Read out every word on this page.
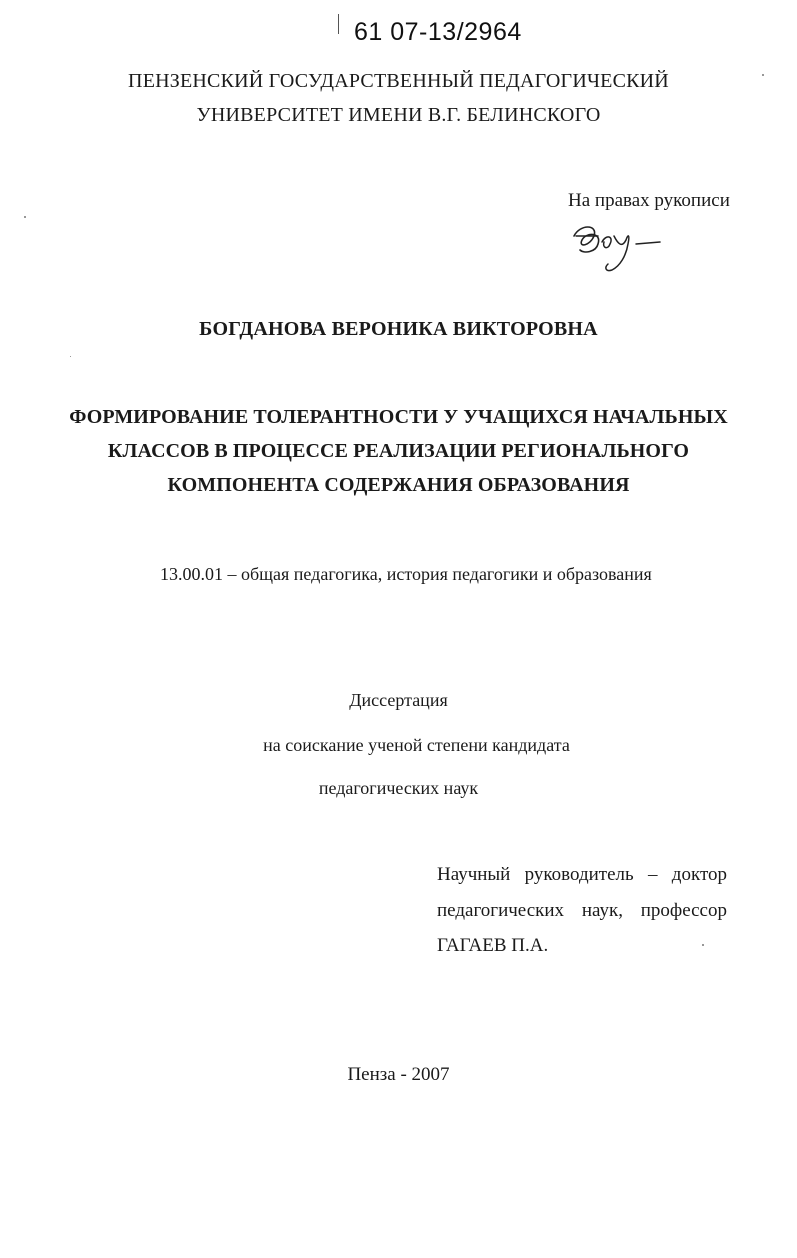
61 07-13/2964
ПЕНЗЕНСКИЙ ГОСУДАРСТВЕННЫЙ ПЕДАГОГИЧЕСКИЙ
УНИВЕРСИТЕТ ИМЕНИ В.Г. БЕЛИНСКОГО
На правах рукописи
БОГДАНОВА ВЕРОНИКА ВИКТОРОВНА
ФОРМИРОВАНИЕ ТОЛЕРАНТНОСТИ У УЧАЩИХСЯ НАЧАЛЬНЫХ
КЛАССОВ В ПРОЦЕССЕ РЕАЛИЗАЦИИ РЕГИОНАЛЬНОГО
КОМПОНЕНТА СОДЕРЖАНИЯ ОБРАЗОВАНИЯ
13.00.01 – общая педагогика, история педагогики и образования
Диссертация
на соискание ученой степени кандидата
педагогических наук
Научный руководитель – доктор
педагогических наук, профессор
ГАГАЕВ П.А.
Пенза - 2007
